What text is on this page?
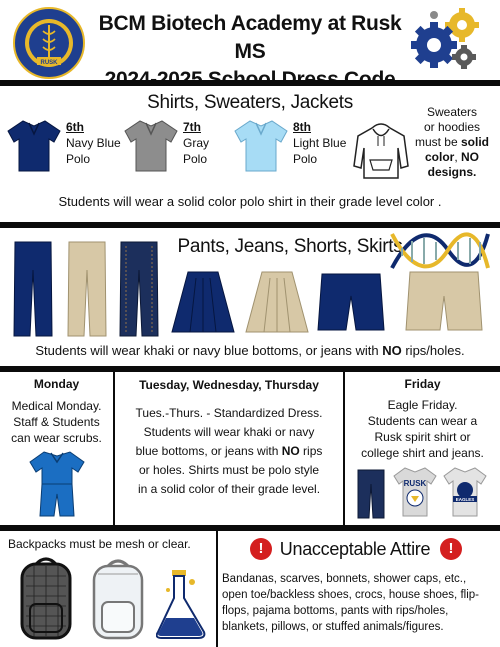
RUSK
BCM Biotech Academy at Rusk MS
Shirts, Sweaters, Jackets
6th
Navy Blue
Polo
7th
Gray
Polo
8th
Light Blue
Polo
Sweaters
or hoodies
must be solid
color, NO
designs.
Students will wear a solid color polo shirt in their grade level color .
Pants, Jeans, Shorts, Skirts
Students will wear khaki or navy blue bottoms, or jeans with NO rips/holes.
Monday
Medical Monday.
Staff & Students
can wear scrubs.
Tuesday, Wednesday, Thursday
Tues.-Thurs. - Standardized Dress.
Students will wear khaki or navy
blue bottoms, or jeans with NO rips
or holes. Shirts must be polo style
in a solid color of their grade level.
Friday
Eagle Friday.
Students can wear a
Rusk spirit shirt or
college shirt and jeans.
RUSK
EAGLES
Backpacks must be mesh or clear.	! Unacceptable Attire	!
Bandanas, scarves, bonnets, shower caps, etc.,
open toe/backless shoes, crocs, house shoes, flip-
flops, pajama bottoms, pants with rips/holes,
blankets, pillows, or stuffed animals/figures.
